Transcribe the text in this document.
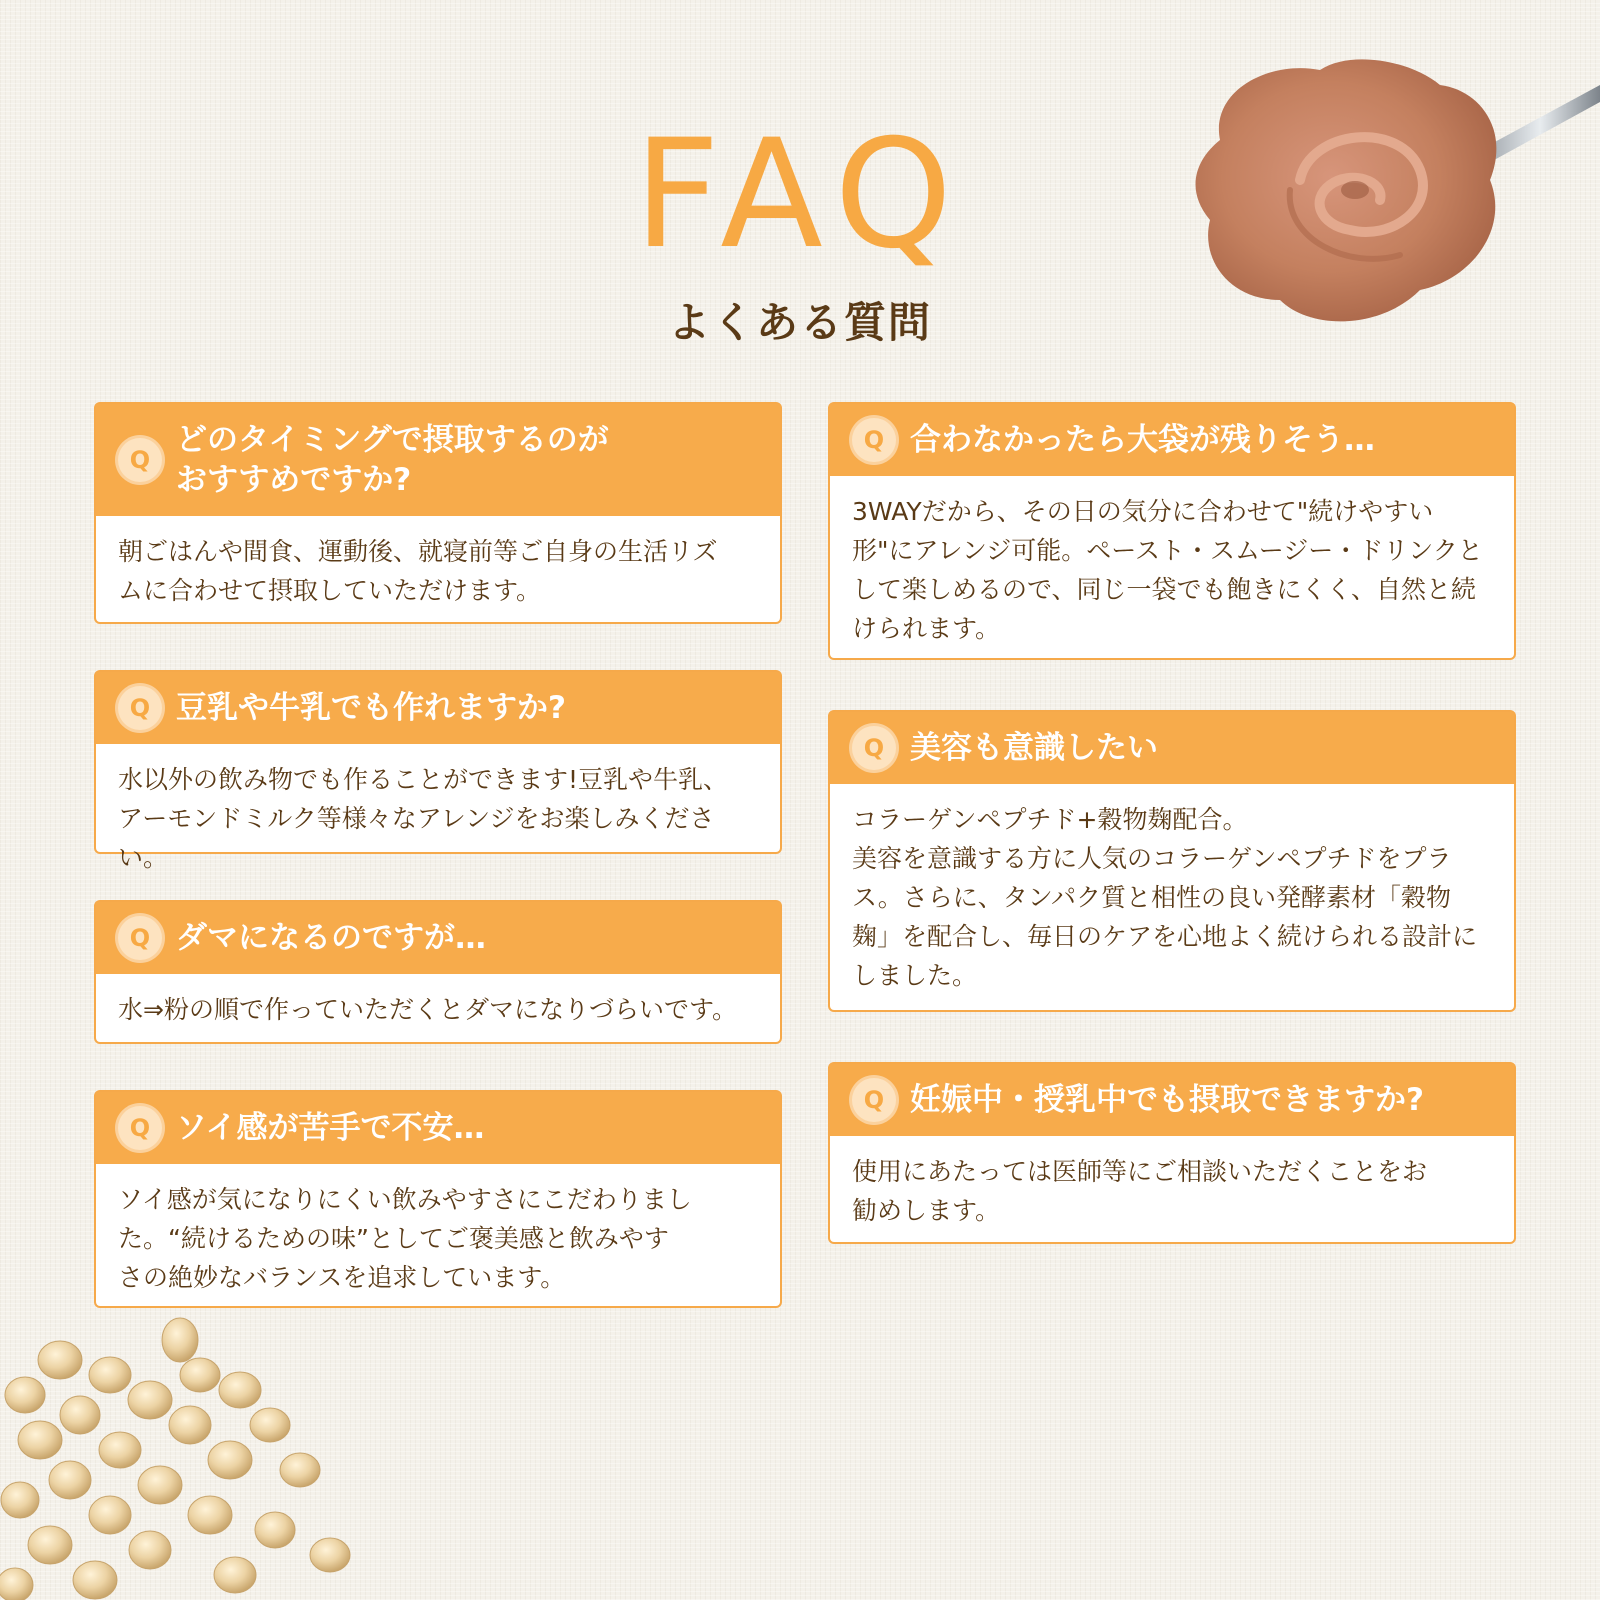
FAQ
よくある質問
Q
どのタイミングで摂取するのが
おすすめですか?
朝ごはんや間食、運動後、就寝前等ご自身の生活リズ
ムに合わせて摂取していただけます。
Q 豆乳や牛乳でも作れますか?
水以外の飲み物でも作ることができます!豆乳や牛乳、
アーモンドミルク等様々なアレンジをお楽しみください。
Q ダマになるのですが…
水⇒粉の順で作っていただくとダマになりづらいです。
Q ソイ感が苦手で不安…
ソイ感が気になりにくい飲みやすさにこだわりまし
た。“続けるための味”としてご褒美感と飲みやす
さの絶妙なバランスを追求しています。
Q 合わなかったら大袋が残りそう…
3WAYだから、その日の気分に合わせて"続けやすい
形"にアレンジ可能。ペースト・スムージー・ドリンクと
して楽しめるので、同じ一袋でも飽きにくく、自然と続
けられます。
Q 美容も意識したい
コラーゲンペプチド+穀物麹配合。
美容を意識する方に人気のコラーゲンペプチドをプラ
ス。さらに、タンパク質と相性の良い発酵素材「穀物
麹」を配合し、毎日のケアを心地よく続けられる設計に
しました。
Q 妊娠中・授乳中でも摂取できますか?
使用にあたっては医師等にご相談いただくことをお
勧めします。
